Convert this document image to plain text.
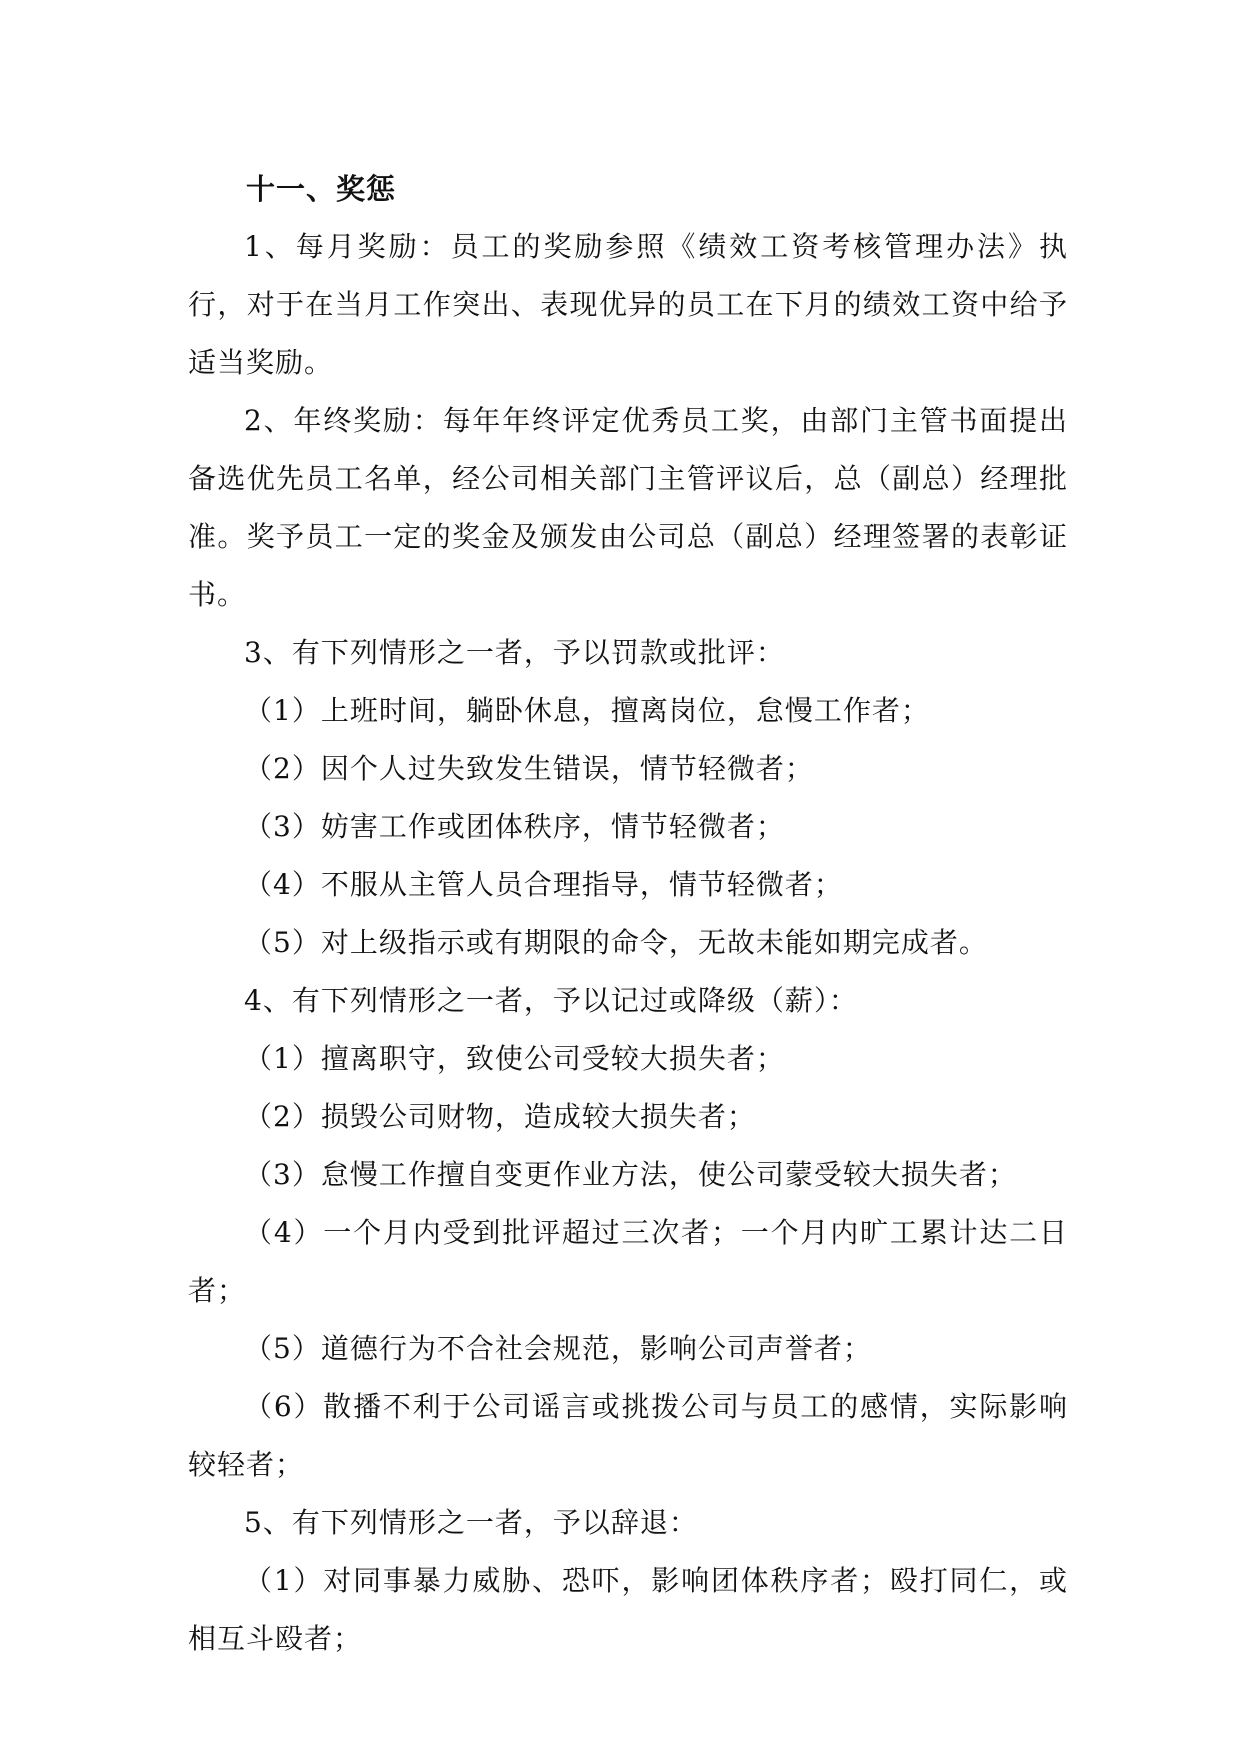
十一、奖惩

1、每月奖励：员工的奖励参照《绩效工资考核管理办法》执行，对于在当月工作突出、表现优异的员工在下月的绩效工资中给予适当奖励。

2、年终奖励：每年年终评定优秀员工奖，由部门主管书面提出备选优先员工名单，经公司相关部门主管评议后，总（副总）经理批准。奖予员工一定的奖金及颁发由公司总（副总）经理签署的表彰证书。

3、有下列情形之一者，予以罚款或批评：

（1）上班时间，躺卧休息，擅离岗位，怠慢工作者；

（2）因个人过失致发生错误，情节轻微者；

（3）妨害工作或团体秩序，情节轻微者；

（4）不服从主管人员合理指导，情节轻微者；

（5）对上级指示或有期限的命令，无故未能如期完成者。

4、有下列情形之一者，予以记过或降级（薪）：

（1）擅离职守，致使公司受较大损失者；

（2）损毁公司财物，造成较大损失者；

（3）怠慢工作擅自变更作业方法，使公司蒙受较大损失者；

（4）一个月内受到批评超过三次者；一个月内旷工累计达二日者；

（5）道德行为不合社会规范，影响公司声誉者；

（6）散播不利于公司谣言或挑拨公司与员工的感情，实际影响较轻者；

5、有下列情形之一者，予以辞退：

（1）对同事暴力威胁、恐吓，影响团体秩序者；殴打同仁，或相互斗殴者；
